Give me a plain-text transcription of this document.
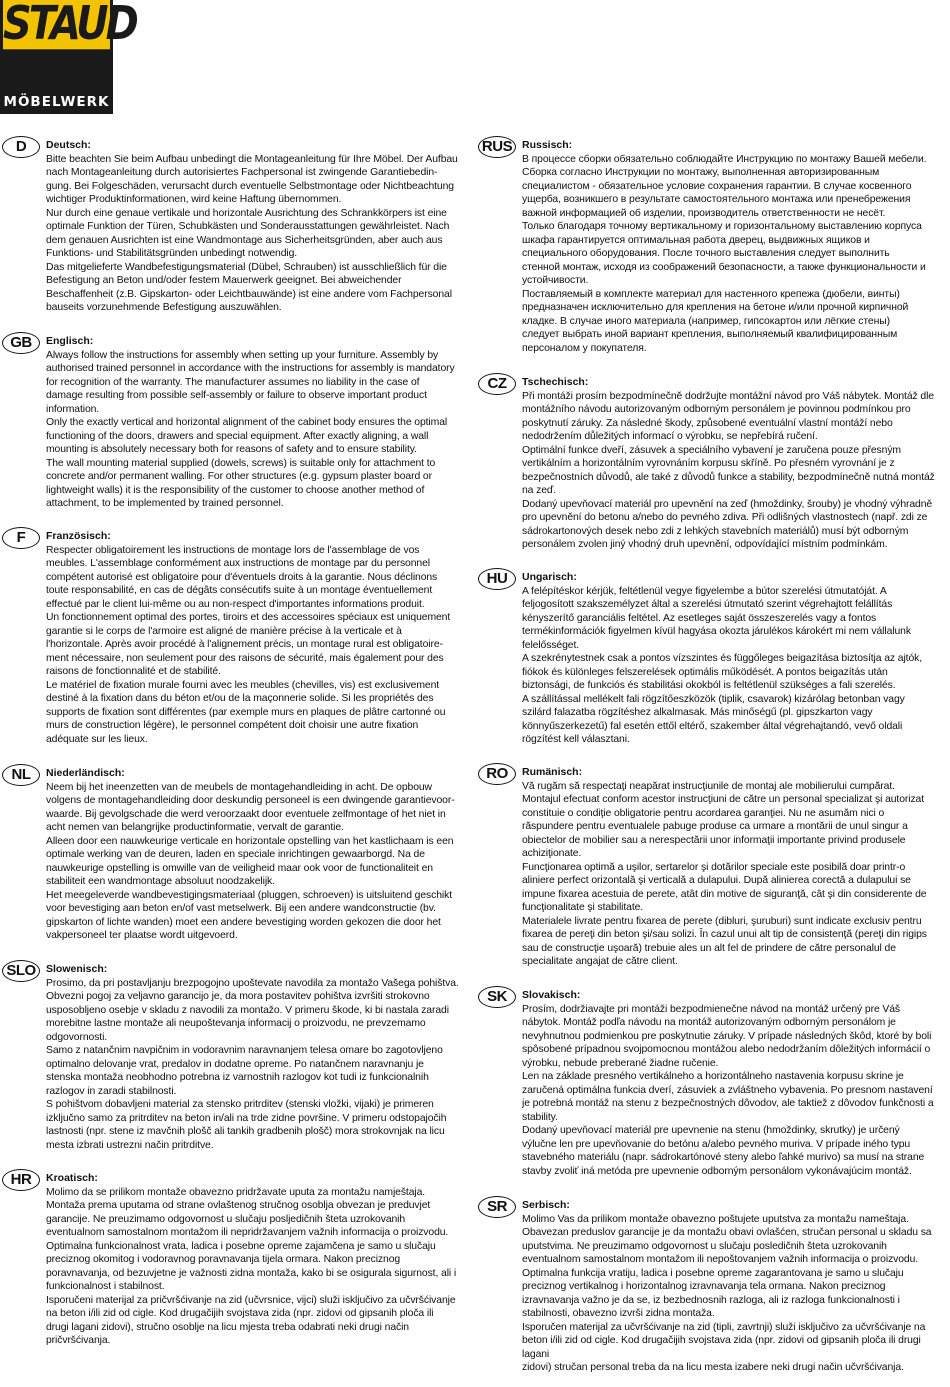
STAUD
MÖBELWERK
D	Deutsch:

Bitte beachten Sie beim Aufbau unbedingt die Montageanleitung für Ihre Möbel. Der Aufbau
nach Montageanleitung durch autorisiertes Fachpersonal ist zwingende Garantiebedin-
gung. Bei Folgeschäden, verursacht durch eventuelle Selbstmontage oder Nichtbeachtung
wichtiger Produktinformationen, wird keine Haftung übernommen.

Nur durch eine genaue vertikale und horizontale Ausrichtung des Schrankkörpers ist eine
optimale Funktion der Türen, Schubkästen und Sonderausstattungen gewährleistet. Nach
dem genauen Ausrichten ist eine Wandmontage aus Sicherheitsgründen, aber auch aus
Funktions- und Stabilitätsgründen unbedingt notwendig.

Das mitgelieferte Wandbefestigungsmaterial (Dübel, Schrauben) ist ausschließlich für die
Befestigung an Beton und/oder festem Mauerwerk geeignet. Bei abweichender
Beschaffenheit (z.B. Gipskarton- oder Leichtbauwände) ist eine andere vom Fachpersonal
bauseits vorzunehmende Befestigung auszuwählen.

GB	Englisch:

Always follow the instructions for assembly when setting up your furniture. Assembly by
authorised trained personnel in accordance with the instructions for assembly is mandatory
for recognition of the warranty. The manufacturer assumes no liability in the case of
damage resulting from possible self-assembly or failure to observe important product
information.

Only the exactly vertical and horizontal alignment of the cabinet body ensures the optimal
functioning of the doors, drawers and special equipment. After exactly aligning, a wall
mounting is absolutely necessary both for reasons of safety and to ensure stability.

The wall mounting material supplied (dowels, screws) is suitable only for attachment to
concrete and/or permanent walling. For other structures (e.g. gypsum plaster board or
lightweight walls) it is the responsibility of the customer to choose another method of
attachment, to be implemented by trained personnel.

F	Französisch:

Respecter obligatoirement les instructions de montage lors de l'assemblage de vos
meubles. L'assemblage conformément aux instructions de montage par du personnel
compétent autorisé est obligatoire pour d'éventuels droits à la garantie. Nous déclinons
toute responsabilité, en cas de dégâts consécutifs suite à un montage éventuellement
effectué par le client lui-même ou au non-respect d'importantes informations produit.

Un fonctionnement optimal des portes, tiroirs et des accessoires spéciaux est uniquement
garantie si le corps de l'armoire est aligné de manière précise à la verticale et à
l'horizontale. Après avoir procédé à l'alignement précis, un montage rural est obligatoire-
ment nécessaire, non seulement pour des raisons de sécurité, mais également pour des
raisons de fonctionnalité et de stabilité.

Le matériel de fixation murale fourni avec les meubles (chevilles, vis) est exclusivement
destiné à la fixation dans du béton et/ou de la maçonnerie solide. Si les propriétés des
supports de fixation sont différentes (par exemple murs en plaques de plâtre cartonné ou
murs de construction légère), le personnel compétent doit choisir une autre fixation
adéquate sur les lieux.

NL	Niederländisch:

Neem bij het ineenzetten van de meubels de montagehandleiding in acht. De opbouw
volgens de montagehandleiding door deskundig personeel is een dwingende garantievoor-
waarde. Bij gevolgschade die werd veroorzaakt door eventuele zelfmontage of het niet in
acht nemen van belangrijke productinformatie, vervalt de garantie.

Alleen door een nauwkeurige verticale en horizontale opstelling van het kastlichaam is een
optimale werking van de deuren, laden en speciale inrichtingen gewaarborgd. Na de
nauwkeurige opstelling is omwille van de veiligheid maar ook voor de functionaliteit en
stabiliteit een wandmontage absoluut noodzakelijk.

Het meegeleverde wandbevestigingsmateriaal (pluggen, schroeven) is uitsluitend geschikt
voor bevestiging aan beton en/of vast metselwerk. Bij een andere wandconstructie (bv.
gipskarton of lichte wanden) moet een andere bevestiging worden gekozen die door het
vakpersoneel ter plaatse wordt uitgevoerd.

SLO Slowenisch:

Prosimo, da pri postavljanju brezpogojno upoštevate navodila za montažo Vašega pohištva.
Obvezni pogoj za veljavno garancijo je, da mora postavitev pohištva izvršiti strokovno
usposobljeno osebje v skladu z navodili za montažo. V primeru škode, ki bi nastala zaradi
morebitne lastne montaže ali neupoštevanja informacij o proizvodu, ne prevzemamo
odgovornosti.

Samo z natančnim navpičnim in vodoravnim naravnanjem telesa omare bo zagotovljeno
optimalno delovanje vrat, predalov in dodatne opreme. Po natančnem naravnanju je
stenska montaža neobhodno potrebna iz varnostnih razlogov kot tudi iz funkcionalnih
razlogov in zaradi stabilnosti.

S pohištvom dobavljeni material za stensko pritrditev (stenski vložki, vijaki) je primeren
izključno samo za pritrditev na beton in/ali na trde zidne površine. V primeru odstopajočih
lastnosti (npr. stene iz mavčnih plošč ali tankih gradbenih plošč) mora strokovnjak na licu
mesta izbrati ustrezni način pritrditve.

HR	Kroatisch:

Molimo da se prilikom montaže obavezno pridržavate uputa za montažu namještaja.
Montaža prema uputama od strane ovlaštenog stručnog osoblja obvezan je preduvjet
garancije. Ne preuzimamo odgovornost u slučaju posljedičnih šteta uzrokovanih
eventualnom samostalnom montažom ili nepridržavanjem važnih informacija o proizvodu.

Optimalna funkcionalnost vrata, ladica i posebne opreme zajamčena je samo u slučaju
preciznog okomitog i vodoravnog poravnavanja tijela ormara. Nakon preciznog
poravnavanja, od bezuvjetne je važnosti zidna montaža, kako bi se osigurala sigurnost, ali i
funkcionalnost i stabilnost.

Isporučeni materijal za pričvršćivanje na zid (učvrsnice, vijci) služi isključivo za učvršćivanje
na beton i/ili zid od cigle. Kod drugačijih svojstava zida (npr. zidovi od gipsanih ploča ili
drugi lagani zidovi), stručno osoblje na licu mjesta treba odabrati neki drugi način
pričvršćivanja.

RUS Russisch:

В процессе сборки обязательно соблюдайте Инструкцию по монтажу Вашей мебели.
Сборка согласно Инструкции по монтажу, выполненная авторизированным
специалистом - обязательное условие сохранения гарантии. В случае косвенного
ущерба, возникшего в результате самостоятельного монтажа или пренебрежения
важной информацией об изделии, производитель ответственности не несёт.

Только благодаря точному вертикальному и горизонтальному выставлению корпуса
шкафа гарантируется оптимальная работа дверец, выдвижных ящиков и
специального оборудования. После точного выставления следует выполнить
стенной монтаж, исходя из соображений безопасности, а также функциональности и
устойчивости.

Поставляемый в комплекте материал для настенного крепежа (дюбели, винты)
предназначен исключительно для крепления на бетоне и/или прочной кирпичной
кладке. В случае иного материала (например, гипсокартон или лёгкие стены)
следует выбрать иной вариант крепления, выполняемый квалифицированным
персоналом у покупателя.

CZ	Tschechisch:

Při montáži prosím bezpodmínečně dodržujte montážní návod pro Váš nábytek. Montáž dle
montážního návodu autorizovaným odborným personálem je povinnou podmínkou pro
poskytnutí záruky. Za následné škody, způsobené eventuální vlastní montáží nebo
nedodržením důležitých informací o výrobku, se nepřebírá ručení.

Optimální funkce dveří, zásuvek a speciálního vybavení je zaručena pouze přesným
vertikálním a horizontálním vyrovnáním korpusu skříně. Po přesném vyrovnání je z
bezpečnostních důvodů, ale také z důvodů funkce a stability, bezpodmínečně nutná montáž
na zeď.

Dodaný upevňovací materiál pro upevnění na zeď (hmoždinky, šrouby) je vhodný výhradně
pro upevnění do betonu a/nebo do pevného zdiva. Při odlišných vlastnostech (např. zdi ze
sádrokartonových desek nebo zdi z lehkých stavebních materiálů) musí být odborným
personálem zvolen jiný vhodný druh upevnění, odpovídající místním podmínkám.

HU	Ungarisch:

A felépítéskor kérjük, feltétlenül vegye figyelembe a bútor szerelési útmutatóját. A
feljogosított szakszemélyzet által a szerelési útmutató szerint végrehajtott felállítás
kényszerítő garanciális feltétel. Az esetleges saját összeszerelés vagy a fontos
termékinformációk figyelmen kívül hagyása okozta járulékos károkért mi nem vállalunk
felelősséget.

A szekrénytestnek csak a pontos vízszintes és függőleges beigazítása biztosítja az ajtók,
fiókok és különleges felszerelések optimális működését. A pontos beigazítás után
biztonsági, de funkciós és stabilitási okokból is feltétlenül szükséges a fali szerelés.

A szállítással mellékelt fali rögzítőeszközök (tiplik, csavarok) kizárólag betonban vagy
szilárd falazatba rögzítéshez alkalmasak. Más minőségű (pl. gipszkarton vagy
könnyűszerkezetű) fal esetén ettől eltérő, szakember által végrehajtandó, vevő oldali
rögzítést kell választani.

RO	Rumänisch:

Vă rugăm să respectaţi neapărat instrucţiunile de montaj ale mobilierului cumpărat.
Montajul efectuat conform acestor instrucţiuni de către un personal specializat şi autorizat
constituie o condiţie obligatorie pentru acordarea garanţiei. Nu ne asumăm nici o
răspundere pentru eventualele pabuge produse ca urmare a montării de unul singur a
obiectelor de mobilier sau a nerespectării unor informaţii importante privind produsele
achiziţionate.

Funcţionarea optimă a uşilor, sertarelor şi dotărilor speciale este posibilă doar printr-o
aliniere perfect orizontală şi verticală a dulapului. După alinierea corectă a dulapului se
impune fixarea acestuia de perete, atât din motive de siguranţă, cât şi din considerente de
funcţionalitate şi stabilitate.

Materialele livrate pentru fixarea de perete (dibluri, şuruburi) sunt indicate exclusiv pentru
fixarea de pereţi din beton şi/sau solizi. În cazul unui alt tip de consistenţă (pereţi din rigips
sau de construcţie uşoară) trebuie ales un alt fel de prindere de către personalul de
specialitate angajat de către client.

SK	Slovakisch:

Prosím, dodržiavajte pri montáži bezpodmienečne návod na montáž určený pre Váš
nábytok. Montáž podľa návodu na montáž autorizovaným odborným personálom je
nevyhnutnou podmienkou pre poskytnutie záruky. V prípade následných škôd, ktoré by boli
spôsobené prípadnou svojpomocnou montážou alebo nedodržaním dôležitých informácií o
výrobku, nebude preberané žiadne ručenie.

Len na základe presného vertikálneho a horizontálneho nastavenia korpusu skrine je
zaručená optimálna funkcia dverí, zásuviek a zvláštneho vybavenia. Po presnom nastavení
je potrebná montáž na stenu z bezpečnostných dôvodov, ale taktiež z dôvodov funkčnosti a
stability.

Dodaný upevňovací materiál pre upevnenie na stenu (hmoždinky, skrutky) je určený
výlučne len pre upevňovanie do betónu a/alebo pevného muriva. V prípade iného typu
stavebného materiálu (napr. sádrokartónové steny alebo ľahké murivo) sa musí na strane
stavby zvoliť iná metóda pre upevnenie odborným personálom vykonávajúcim montáž.

SR	Serbisch:

Molimo Vas da prilikom montaže obavezno poštujete uputstva za montažu nameštaja.
Obavezan preduslov garancije je da montažu obavi ovlašćen, stručan personal u skladu sa
uputstvima. Ne preuzimamo odgovornost u slučaju posledičnih šteta uzrokovanih
eventualnom samostalnom montažom ili nepoštovanjem važnih informacija o proizvodu.

Optimalna funkcija vratiju, ladica i posebne opreme zagarantovana je samo u slučaju
preciznog vertikalnog i horizontalnog izravnavanja tela ormana. Nakon preciznog
izravnavanja važno je da se, iz bezbednosnih razloga, ali iz razloga funkcionalnosti i
stabilnosti, obavezno izvrši zidna montaža.

Isporučen materijal za učvršćivanje na zid (tipli, zavrtnji) služi isključivo za učvršćivanje na
beton i/ili zid od cigle. Kod drugačijih svojstava zida (npr. zidovi od gipsanih ploča ili drugi lagani
zidovi) stručan personal treba da na licu mesta izabere neki drugi način učvršćivanja.
